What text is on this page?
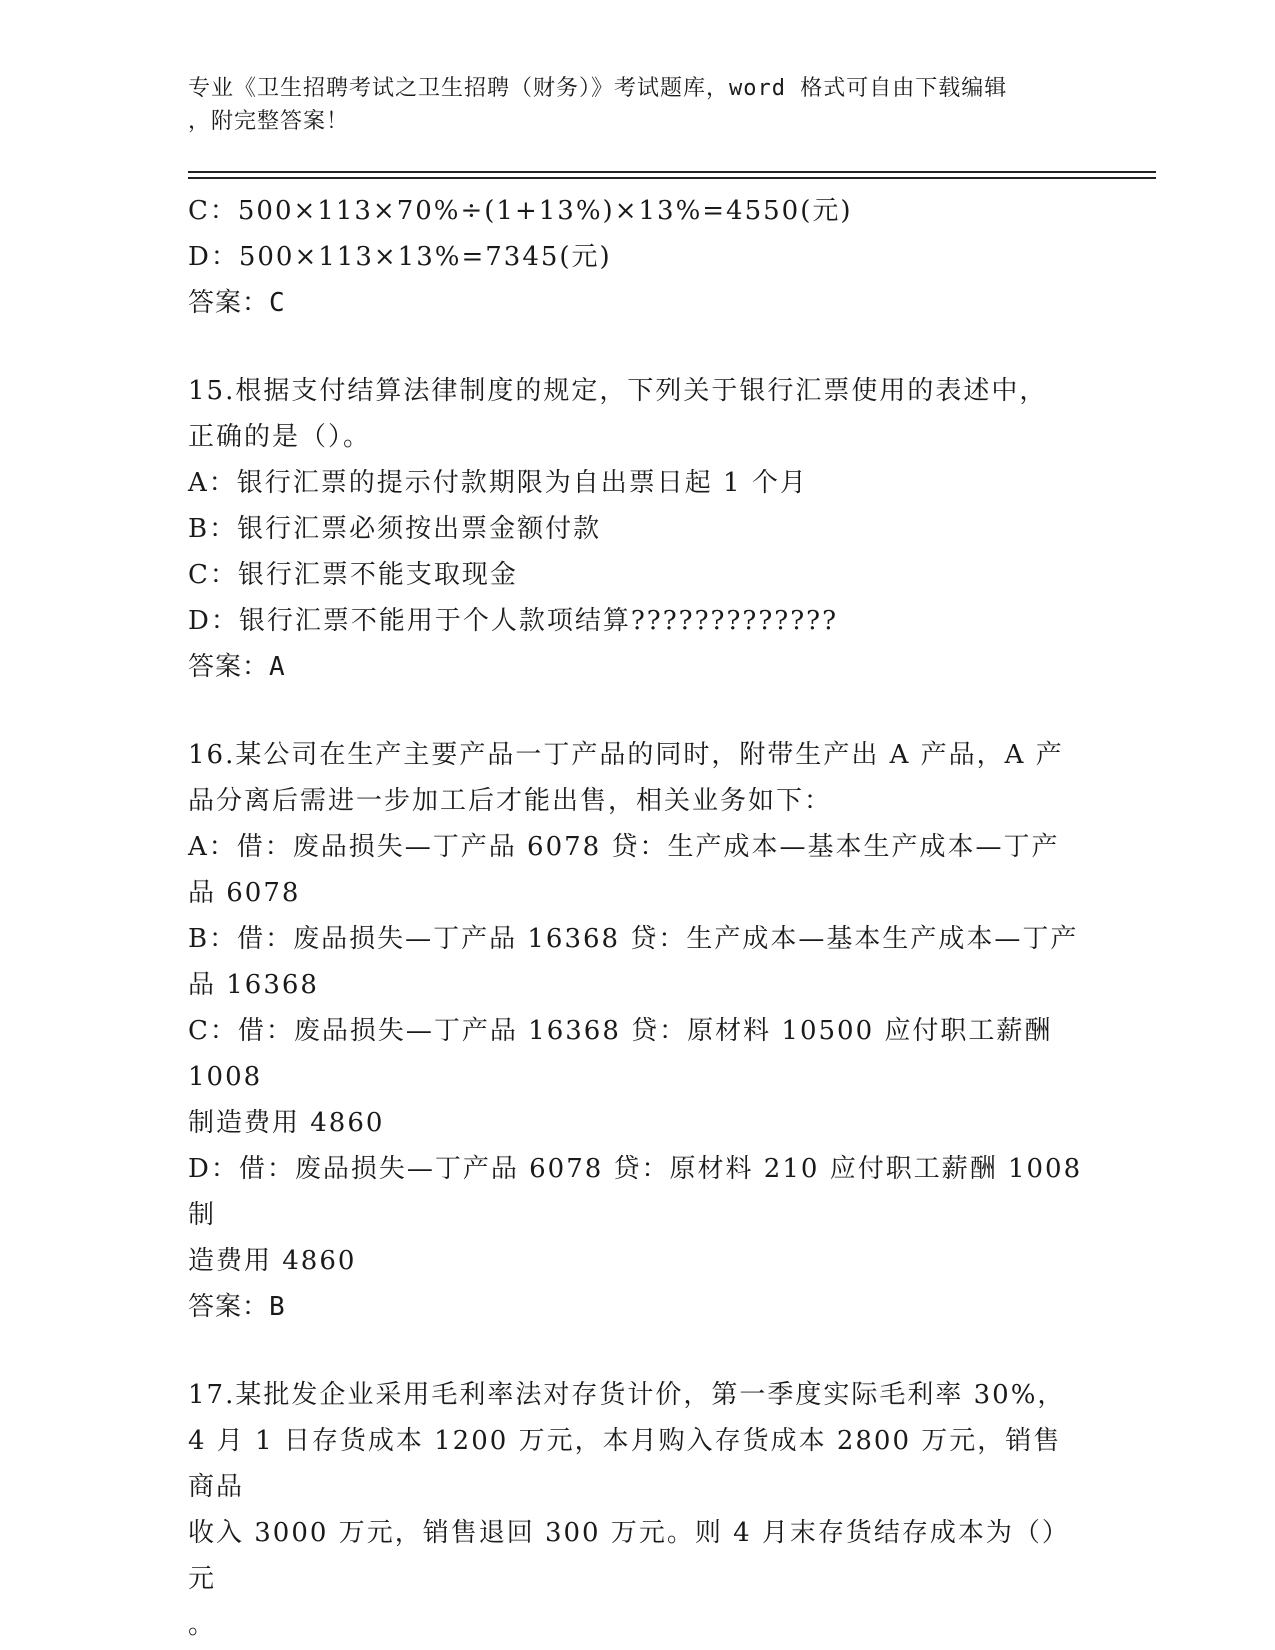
专业《卫生招聘考试之卫生招聘（财务）》考试题库，word 格式可自由下载编辑
，附完整答案！
C：500×113×70%÷(1+13%)×13%=4550(元)
D：500×113×13%=7345(元)
答案：C
15.根据支付结算法律制度的规定，下列关于银行汇票使用的表述中，
正确的是（）。
A：银行汇票的提示付款期限为自出票日起 1 个月
B：银行汇票必须按出票金额付款
C：银行汇票不能支取现金
D：银行汇票不能用于个人款项结算?????????????
答案：A
16.某公司在生产主要产品一丁产品的同时，附带生产出 A 产品，A 产
品分离后需进一步加工后才能出售，相关业务如下：
A：借：废品损失—丁产品 6078 贷：生产成本—基本生产成本—丁产
品 6078
B：借：废品损失—丁产品 16368 贷：生产成本—基本生产成本—丁产
品 16368
C：借：废品损失—丁产品 16368 贷：原材料 10500 应付职工薪酬 1008
制造费用 4860
D：借：废品损失—丁产品 6078 贷：原材料 210 应付职工薪酬 1008 制
造费用 4860
答案：B
17.某批发企业采用毛利率法对存货计价，第一季度实际毛利率 30%，
4 月 1 日存货成本 1200 万元，本月购入存货成本 2800 万元，销售商品
收入 3000 万元，销售退回 300 万元。则 4 月末存货结存成本为（）元
。
